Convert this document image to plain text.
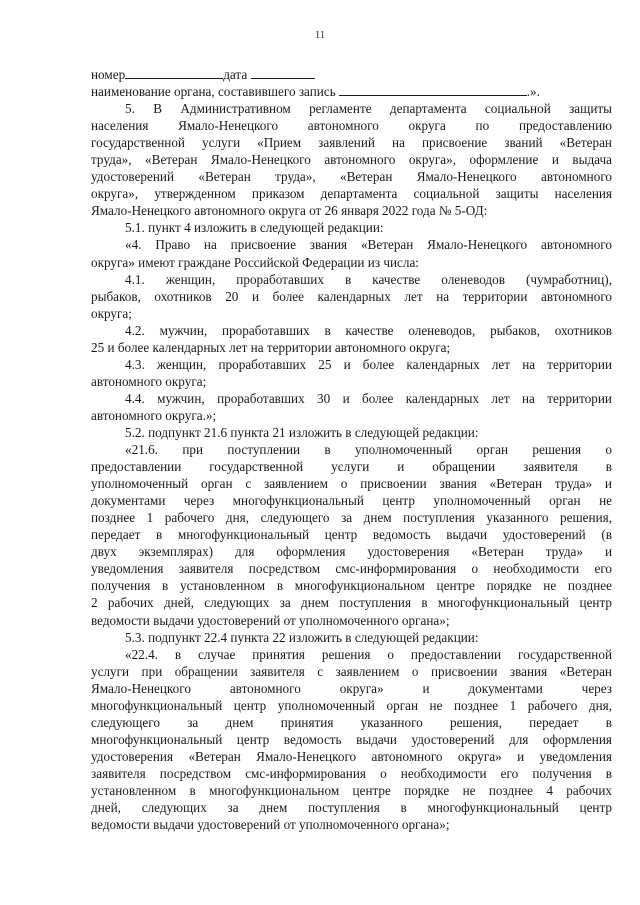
11
номер	дата
наименование органа, составившего запись	.».
5. В Административном регламенте департамента социальной защиты
населения Ямало-Ненецкого автономного округа по предоставлению
государственной услуги «Прием заявлений на присвоение званий «Ветеран
труда», «Ветеран Ямало-Ненецкого автономного округа», оформление и выдача
удостоверений «Ветеран труда», «Ветеран Ямало-Ненецкого автономного
округа», утвержденном приказом департамента социальной защиты населения
Ямало-Ненецкого автономного округа от 26 января 2022 года № 5-ОД:
5.1. пункт 4 изложить в следующей редакции:
«4. Право на присвоение звания «Ветеран Ямало-Ненецкого автономного
округа» имеют граждане Российской Федерации из числа:
4.1. женщин, проработавших в качестве оленеводов (чумработниц),
рыбаков, охотников 20 и более календарных лет на территории автономного
округа;
4.2. мужчин, проработавших в качестве оленеводов, рыбаков, охотников
25 и более календарных лет на территории автономного округа;
4.3. женщин, проработавших 25 и более календарных лет на территории
автономного округа;
4.4. мужчин, проработавших 30 и более календарных лет на территории
автономного округа.»;
5.2. подпункт 21.6 пункта 21 изложить в следующей редакции:
«21.6. при поступлении в уполномоченный орган решения о
предоставлении государственной услуги и обращении заявителя в
уполномоченный орган с заявлением о присвоении звания «Ветеран труда» и
документами через многофункциональный центр уполномоченный орган не
позднее 1 рабочего дня, следующего за днем поступления указанного решения,
передает в многофункциональный центр ведомость выдачи удостоверений (в
двух экземплярах) для оформления удостоверения «Ветеран труда» и
уведомления заявителя посредством смс-информирования о необходимости его
получения в установленном в многофункциональном центре порядке не позднее
2 рабочих дней, следующих за днем поступления в многофункциональный центр
ведомости выдачи удостоверений от уполномоченного органа»;
5.3. подпункт 22.4 пункта 22 изложить в следующей редакции:
«22.4. в случае принятия решения о предоставлении государственной
услуги при обращении заявителя с заявлением о присвоении звания «Ветеран
Ямало-Ненецкого автономного округа» и документами через
многофункциональный центр уполномоченный орган не позднее 1 рабочего дня,
следующего за днем принятия указанного решения, передает в
многофункциональный центр ведомость выдачи удостоверений для оформления
удостоверения «Ветеран Ямало-Ненецкого автономного округа» и уведомления
заявителя посредством смс-информирования о необходимости его получения в
установленном в многофункциональном центре порядке не позднее 4 рабочих
дней, следующих за днем поступления в многофункциональный центр
ведомости выдачи удостоверений от уполномоченного органа»;
